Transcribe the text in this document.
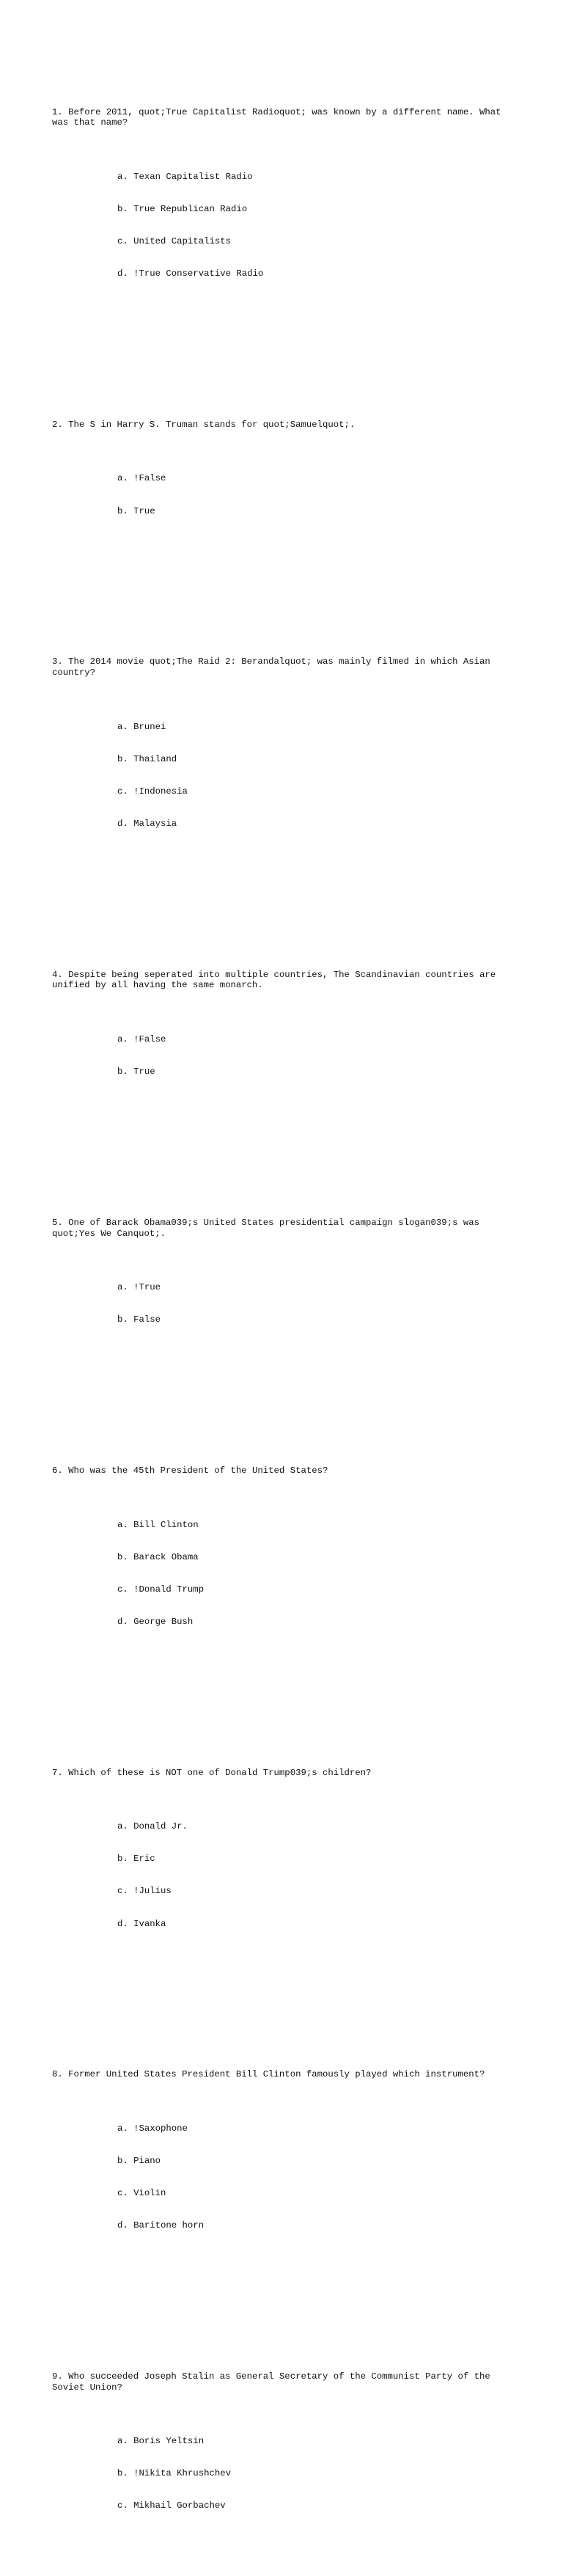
1. Before 2011, quot;True Capitalist Radioquot; was known by a different name. What was that name?

a. Texan Capitalist Radio

b. True Republican Radio

c. United Capitalists

d. !True Conservative Radio

2. The S in Harry S. Truman stands for quot;Samuelquot;.

a. !False

b. True

3. The 2014 movie quot;The Raid 2: Berandalquot; was mainly filmed in which Asian country?

a. Brunei

b. Thailand

c. !Indonesia

d. Malaysia

4. Despite being seperated into multiple countries, The Scandinavian countries are unified by all having the same monarch.

a. !False

b. True

5. One of Barack Obama039;s United States presidential campaign slogan039;s was quot;Yes We Canquot;.

a. !True

b. False

6. Who was the 45th President of the United States?

a. Bill Clinton

b. Barack Obama

c. !Donald Trump

d. George Bush

7. Which of these is NOT one of Donald Trump039;s children?

a. Donald Jr.

b. Eric

c. !Julius

d. Ivanka

8. Former United States President Bill Clinton famously played which instrument?

a. !Saxophone

b. Piano

c. Violin

d. Baritone horn

9. Who succeeded Joseph Stalin as General Secretary of the Communist Party of the Soviet Union?

a. Boris Yeltsin

b. !Nikita Khrushchev

c. Mikhail Gorbachev
